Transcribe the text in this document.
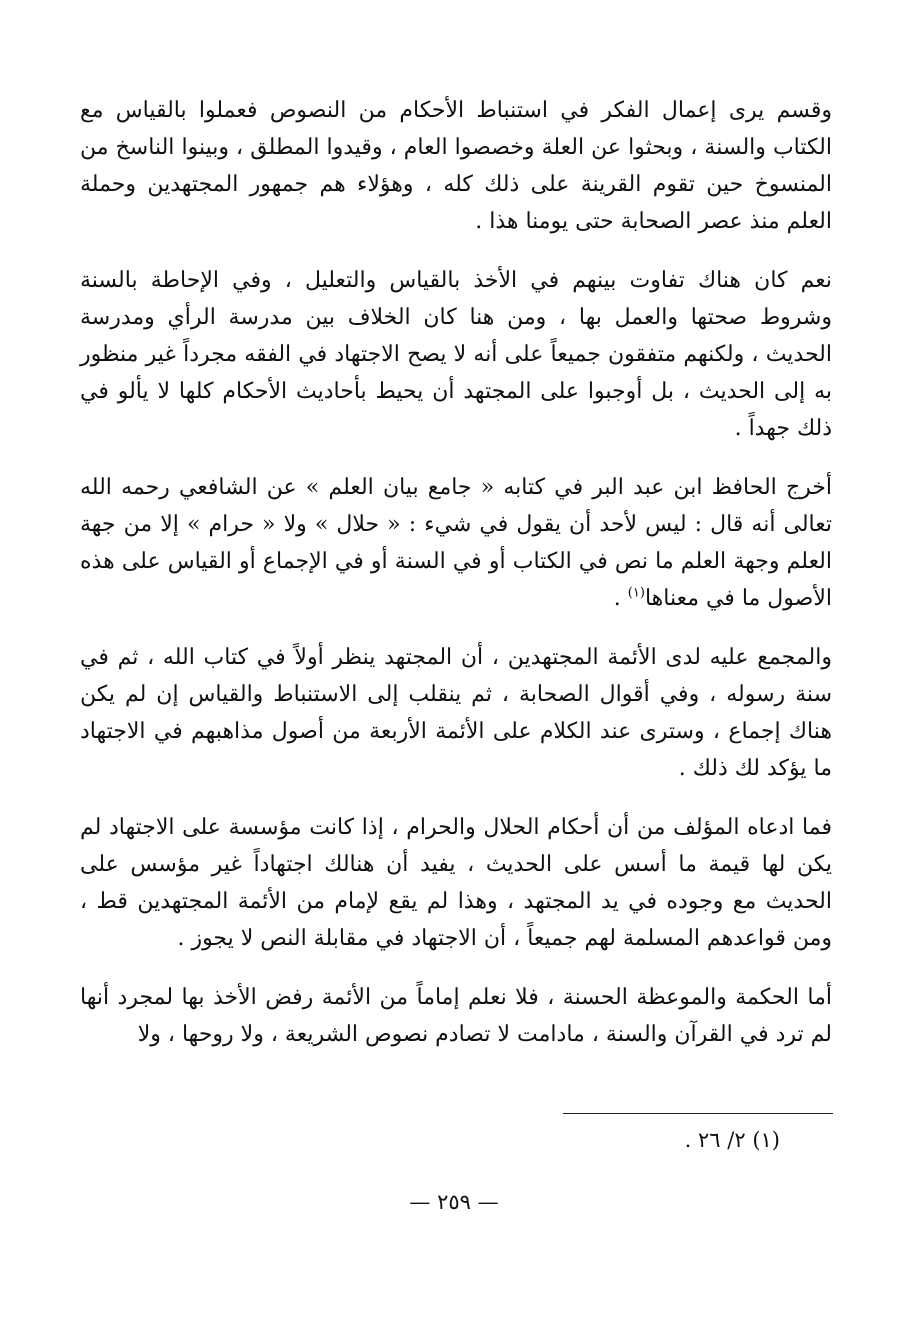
وقسم يرى إعمال الفكر في استنباط الأحكام من النصوص فعملوا بالقياس مع الكتاب والسنة ، وبحثوا عن العلة وخصصوا العام ، وقيدوا المطلق ، وبينوا الناسخ من المنسوخ حين تقوم القرينة على ذلك كله ، وهؤلاء هم جمهور المجتهدين وحملة العلم منذ عصر الصحابة حتى يومنا هذا .

نعم كان هناك تفاوت بينهم في الأخذ بالقياس والتعليل ، وفي الإحاطة بالسنة وشروط صحتها والعمل بها ، ومن هنا كان الخلاف بين مدرسة الرأي ومدرسة الحديث ، ولكنهم متفقون جميعاً على أنه لا يصح الاجتهاد في الفقه مجرداً غير منظور به إلى الحديث ، بل أوجبوا على المجتهد أن يحيط بأحاديث الأحكام كلها لا يألو في ذلك جهداً .

أخرج الحافظ ابن عبد البر في كتابه « جامع بيان العلم » عن الشافعي رحمه الله تعالى أنه قال : ليس لأحد أن يقول في شيء : « حلال » ولا « حرام » إلا من جهة العلم وجهة العلم ما نص في الكتاب أو في السنة أو في الإجماع أو القياس على هذه الأصول ما في معناها$^{(١)}$ .

والمجمع عليه لدى الأئمة المجتهدين ، أن المجتهد ينظر أولاً في كتاب الله ، ثم في سنة رسوله ، وفي أقوال الصحابة ، ثم ينقلب إلى الاستنباط والقياس إن لم يكن هناك إجماع ، وسترى عند الكلام على الأئمة الأربعة من أصول مذاهبهم في الاجتهاد ما يؤكد لك ذلك .

فما ادعاه المؤلف من أن أحكام الحلال والحرام ، إذا كانت مؤسسة على الاجتهاد لم يكن لها قيمة ما أسس على الحديث ، يفيد أن هنالك اجتهاداً غير مؤسس على الحديث مع وجوده في يد المجتهد ، وهذا لم يقع لإمام من الأئمة المجتهدين قط ، ومن قواعدهم المسلمة لهم جميعاً ، أن الاجتهاد في مقابلة النص لا يجوز .

أما الحكمة والموعظة الحسنة ، فلا نعلم إماماً من الأئمة رفض الأخذ بها لمجرد أنها لم ترد في القرآن والسنة ، مادامت لا تصادم نصوص الشريعة ، ولا روحها ، ولا

(١) ٢/ ٢٦ .
— ٢٥٩ —
